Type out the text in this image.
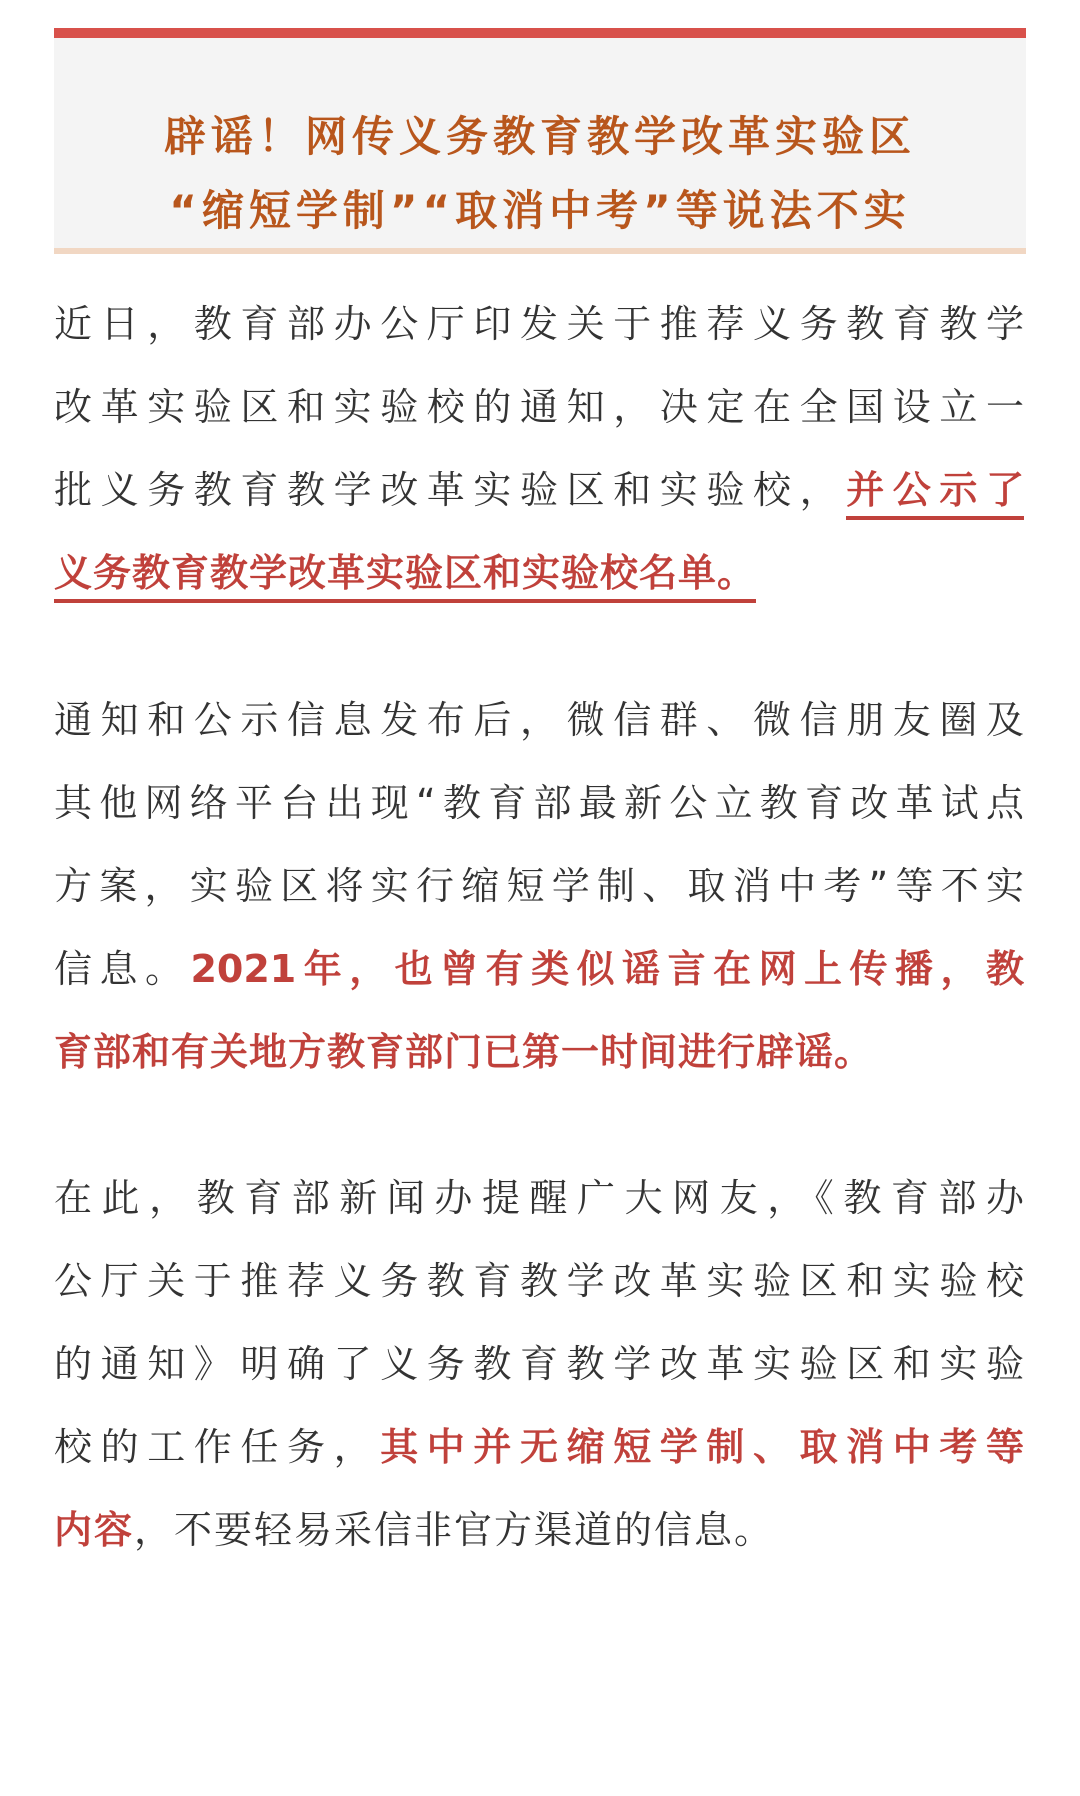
辟谣！网传义务教育教学改革实验区
“缩短学制”“取消中考”等说法不实
近日，教育部办公厅印发关于推荐义务教育教学
改革实验区和实验校的通知，决定在全国设立一
批义务教育教学改革实验区和实验校，并公示了
义务教育教学改革实验区和实验校名单。
通知和公示信息发布后，微信群、微信朋友圈及
其他网络平台出现“教育部最新公立教育改革试点
方案，实验区将实行缩短学制、取消中考”等不实
信息。2021年，也曾有类似谣言在网上传播，教
育部和有关地方教育部门已第一时间进行辟谣。
在此，教育部新闻办提醒广大网友，《教育部办
公厅关于推荐义务教育教学改革实验区和实验校
的通知》明确了义务教育教学改革实验区和实验
校的工作任务，其中并无缩短学制、取消中考等
内容，不要轻易采信非官方渠道的信息。
